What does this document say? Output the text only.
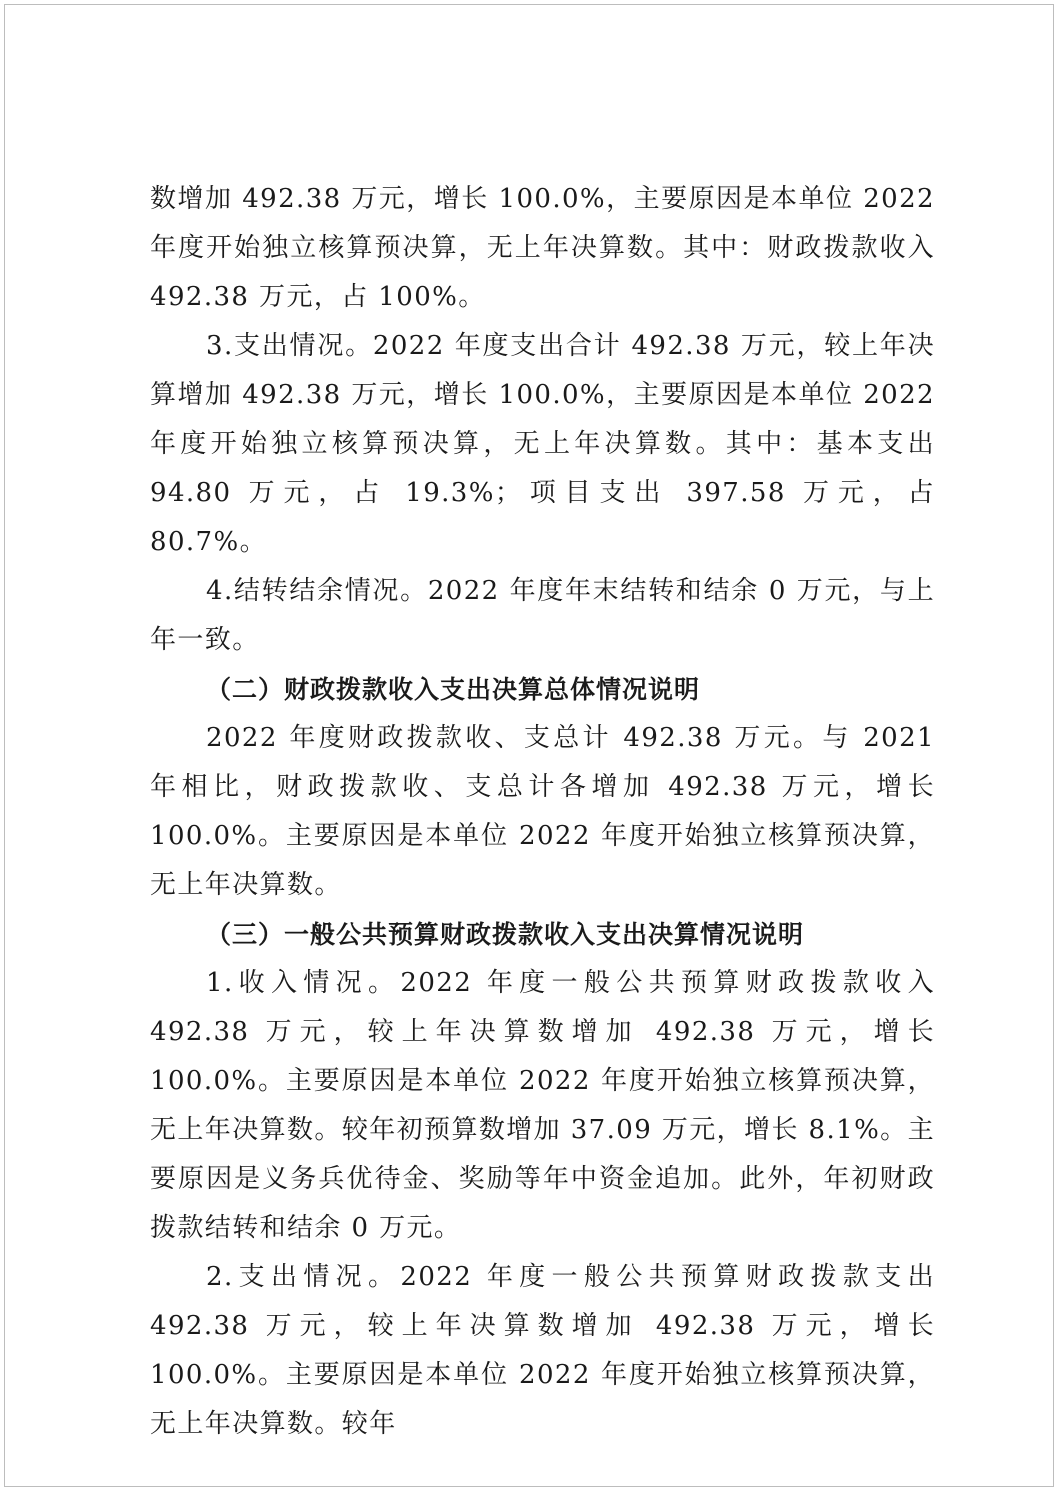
数增加 492.38 万元，增长 100.0%，主要原因是本单位 2022 年度开始独立核算预决算，无上年决算数。其中：财政拨款收入 492.38 万元，占 100%。

3.支出情况。2022 年度支出合计 492.38 万元，较上年决算增加 492.38 万元，增长 100.0%，主要原因是本单位 2022 年度开始独立核算预决算，无上年决算数。其中：基本支出 94.80 万元，占 19.3%；项目支出 397.58 万元，占 80.7%。

4.结转结余情况。2022 年度年末结转和结余 0 万元，与上年一致。

（二）财政拨款收入支出决算总体情况说明

2022 年度财政拨款收、支总计 492.38 万元。与 2021 年相比，财政拨款收、支总计各增加 492.38 万元，增长 100.0%。主要原因是本单位 2022 年度开始独立核算预决算，无上年决算数。

（三）一般公共预算财政拨款收入支出决算情况说明

1.收入情况。2022 年度一般公共预算财政拨款收入 492.38 万元，较上年决算数增加 492.38 万元，增长 100.0%。主要原因是本单位 2022 年度开始独立核算预决算，无上年决算数。较年初预算数增加 37.09 万元，增长 8.1%。主要原因是义务兵优待金、奖励等年中资金追加。此外，年初财政拨款结转和结余 0 万元。

2.支出情况。2022 年度一般公共预算财政拨款支出 492.38 万元，较上年决算数增加 492.38 万元，增长 100.0%。主要原因是本单位 2022 年度开始独立核算预决算，无上年决算数。较年
